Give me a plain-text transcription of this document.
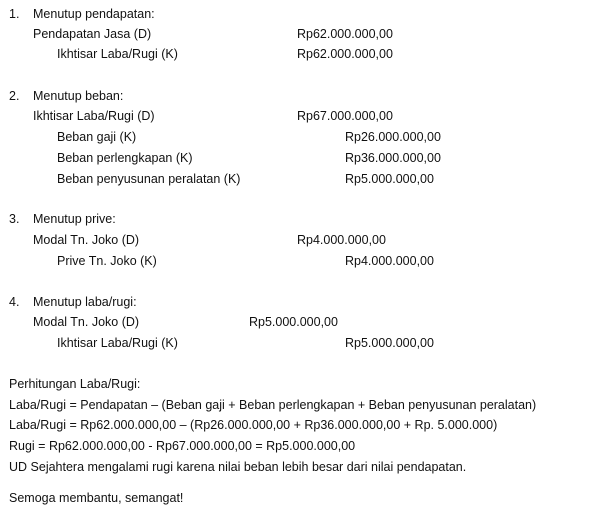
1. Menutup pendapatan:
Pendapatan Jasa (D)	Rp62.000.000,00
Ikhtisar Laba/Rugi (K)	Rp62.000.000,00
2. Menutup beban:
Ikhtisar Laba/Rugi (D)	Rp67.000.000,00
Beban gaji (K)	Rp26.000.000,00
Beban perlengkapan (K)	Rp36.000.000,00
Beban penyusunan peralatan (K)	Rp5.000.000,00
3. Menutup prive:
Modal Tn. Joko (D)	Rp4.000.000,00
Prive Tn. Joko (K)	Rp4.000.000,00
4. Menutup laba/rugi:
Modal Tn. Joko (D)	Rp5.000.000,00
Ikhtisar Laba/Rugi (K)	Rp5.000.000,00
Perhitungan Laba/Rugi:
Laba/Rugi = Pendapatan – (Beban gaji + Beban perlengkapan + Beban penyusunan peralatan)
Laba/Rugi = Rp62.000.000,00 – (Rp26.000.000,00 + Rp36.000.000,00 + Rp. 5.000.000)
Rugi = Rp62.000.000,00 - Rp67.000.000,00 = Rp5.000.000,00
UD Sejahtera mengalami rugi karena nilai beban lebih besar dari nilai pendapatan.
Semoga membantu, semangat!
